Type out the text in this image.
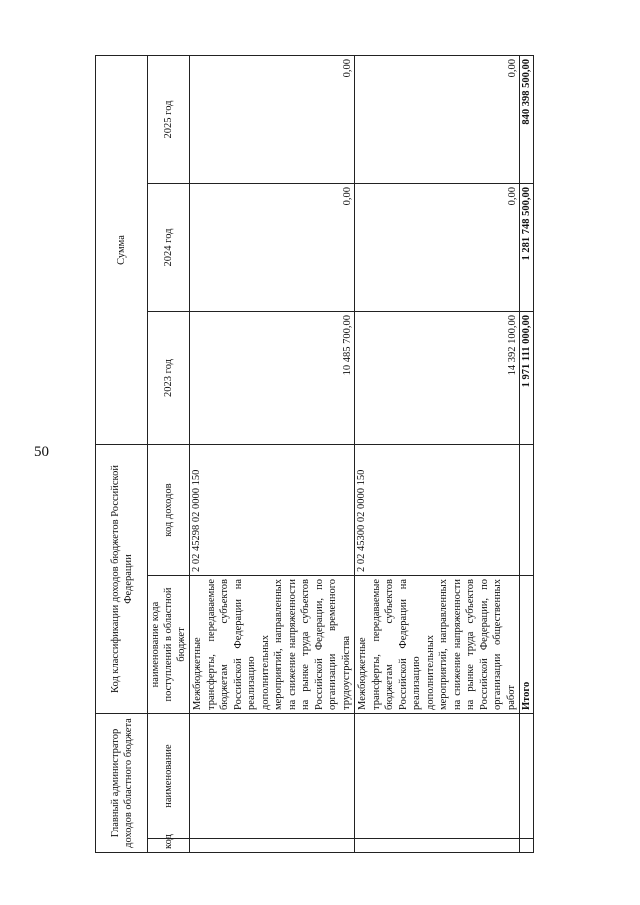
50
Главный администратор доходов областного бюджета		Код классификации доходов бюджетов Российской Федерации		Сумма		
код	наименование	наименование кода поступлений в областной бюджет	код доходов	2023 год	2024 год	2025 год
		Межбюджетные трансферты, передаваемые бюджетам субъектов Российской Федерации на реализацию дополнительных мероприятий, направленных на снижение напряженности на рынке труда субъектов Российской Федерации, по организации временного трудоустройства	2 02 45298 02 0000 150	10 485 700,00	0,00	0,00
		Межбюджетные трансферты, передаваемые бюджетам субъектов Российской Федерации на реализацию дополнительных мероприятий, направленных на снижение напряженности на рынке труда субъектов Российской Федерации, по организации общественных работ	2 02 45300 02 0000 150	14 392 100,00	0,00	0,00
		Итого		1 971 111 000,00	1 281 748 500,00	840 398 500,00
